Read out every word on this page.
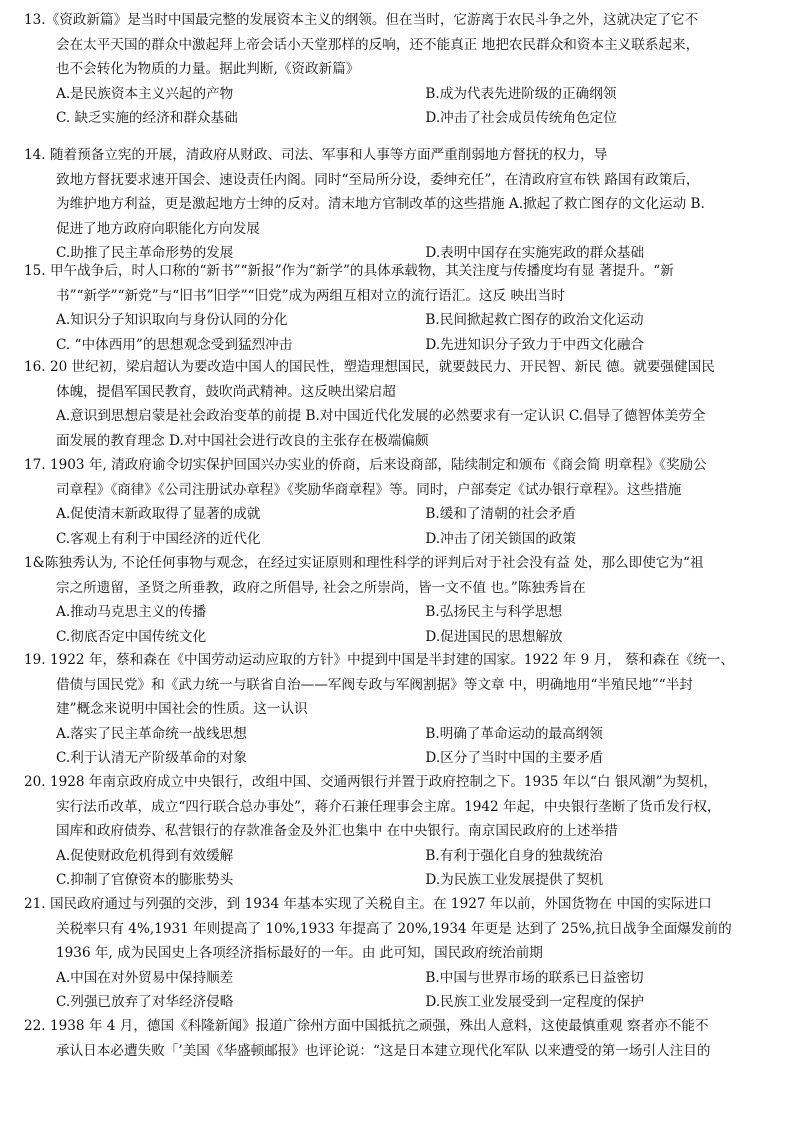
13.《资政新篇》是当时中国最完整的发展资本主义的纲领。但在当时，它游离于农民斗争之外，这就决定了它不

会在太平天国的群众中激起拜上帝会话小天堂那样的反响，还不能真正 地把农民群众和资本主义联系起来，

也不会转化为物质的力量。据此判断,《资政新篇》

A.是民族资本主义兴起的产物	B.成为代表先进阶级的正确纲领
C. 缺乏实施的经济和群众基础	D.冲击了社会成员传统角色定位

14. 随着预备立宪的开展，清政府从财政、司法、军事和人事等方面严重削弱地方督抚的权力，导

致地方督抚要求速开国会、速设责任内阁。同时“至局所分设，委绅充任”，在清政府宣布铁 路国有政策后，

为维护地方利益，更是激起地方士绅的反对。清末地方官制改革的这些措施 A.掀起了救亡图存的文化运动 B.

促进了地方政府向职能化方向发展

C.助推了民主革命形势的发展	D.表明中国存在实施宪政的群众基础

15. 甲午战争后，时人口称的“新书”“新报”作为“新学”的具体承载物，其关注度与传播度均有显 著提升。“新

书”“新学”“新党”与“旧书”旧学”“旧党”成为两组互相对立的流行语汇。这反 映出当时

A.知识分子知识取向与身份认同的分化	B.民间掀起救亡图存的政治文化运动
C. “中体西用”的思想观念受到猛烈冲击	D.先进知识分子致力于中西文化融合

16. 20 世纪初，梁启超认为要改造中国人的国民性，塑造理想国民，就要鼓民力、开民智、新民 德。就要强健国民

体魄，提倡军国民教育，鼓吹尚武精神。这反映出梁启超

A.意识到思想启蒙是社会政治变革的前提 B.对中国近代化发展的必然要求有一定认识 C.倡导了德智体美劳全

面发展的教育理念 D.对中国社会进行改良的主张存在极端偏颇

17. 1903 年, 清政府谕令切实保护回国兴办实业的侨商，后来设商部，陆续制定和颁布《商会简 明章程》《奖励公

司章程》《商律》《公司注册试办章程》《奖励华商章程》等。同时，户部奏定《试办银行章程》。这些措施

A.促使清末新政取得了显著的成就	B.缓和了清朝的社会矛盾
C.客观上有利于中国经济的近代化	D.冲击了闭关锁国的政策

1&陈独秀认为, 不论任何事物与观念，在经过实证原则和理性科学的评判后对于社会没有益 处，那么即使它为“祖

宗之所遗留，圣贤之所垂教，政府之所倡导, 社会之所崇尚，皆一文不值 也。”陈独秀旨在

A.推动马克思主义的传播	B.弘扬民主与科学思想
C.彻底否定中国传统文化	D.促进国民的思想解放

19. 1922 年，蔡和森在《中国劳动运动应取的方针》中提到中国是半封建的国家。1922 年 9 月， 蔡和森在《统一、

借债与国民党》和《武力统一与联省自治——军阀专政与军阀割据》等文章 中，明确地用“半殖民地”“半封

建”概念来说明中国社会的性质。这一认识

A.落实了民主革命统一战线思想	B.明确了革命运动的最高纲领
C.利于认清无产阶级革命的对象	D.区分了当时中国的主要矛盾

20. 1928 年南京政府成立中央银行，改组中国、交通两银行并置于政府控制之下。1935 年以“白 银风潮”为契机，

实行法币改革，成立“四行联合总办事处”，蒋介石兼任理事会主席。1942 年起，中央银行垄断了货币发行权，

国库和政府债券、私营银行的存款准备金及外汇也集中 在中央银行。南京国民政府的上述举措

A.促使财政危机得到有效缓解	B.有利于强化自身的独裁统治
C.抑制了官僚资本的膨胀势头	D.为民族工业发展提供了契机

21. 国民政府通过与列强的交涉，到 1934 年基本实现了关税自主。在 1927 年以前，外国货物在 中国的实际进口

关税率只有 4%,1931 年则提高了 10%,1933 年提高了 20%,1934 年更是 达到了 25%,抗日战争全面爆发前的

1936 年, 成为民国史上各项经济指标最好的一年。由 此可知，国民政府统治前期

A.中国在对外贸易中保持顺差	B.中国与世界市场的联系已日益密切
C.列强已放弃了对华经济侵略	D.民族工业发展受到一定程度的保护

22. 1938 年 4 月，德国《科隆新闻》报道广徐州方面中国抵抗之顽强，殊出人意料，这使最慎重观 察者亦不能不

承认日本必遭失败「’美国《华盛顿邮报》也评论说：“这是日本建立现代化军队 以来遭受的第一场引人注目的
